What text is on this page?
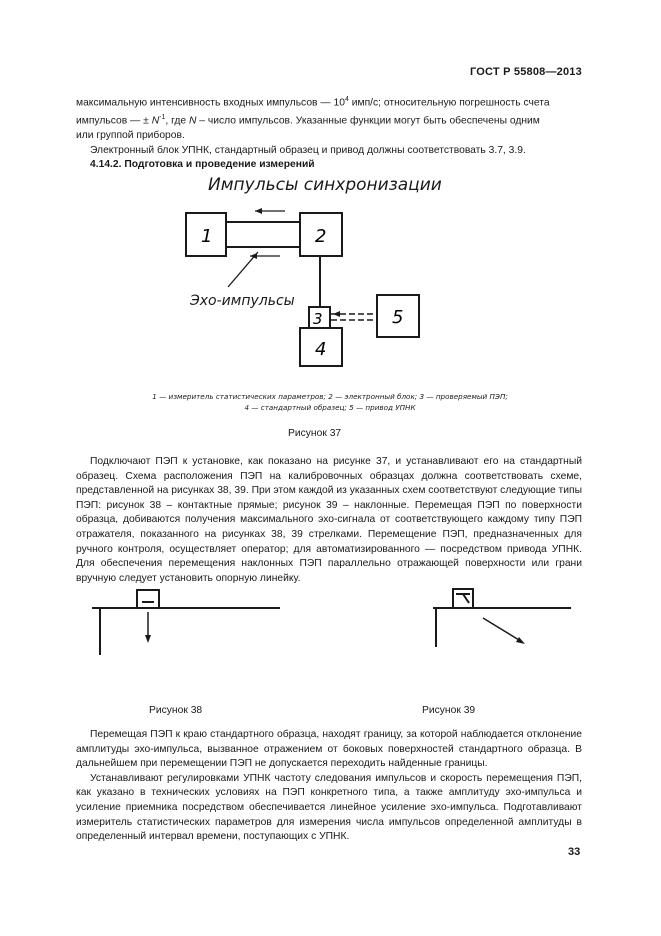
ГОСТ Р 55808—2013

максимальную интенсивность входных импульсов — $10^4$ имп/с; относительную погрешность счета

импульсов — ± $N^{-1}$, где N – число импульсов. Указанные функции могут быть обеспечены одним

или группой приборов.

Электронный блок УПНК, стандартный образец и привод должны соответствовать 3.7, 3.9.

4.14.2. Подготовка и проведение измерений

Импульсы синхронизации
1	2
Эхо-импульсы
3
4
5
1 — измеритель статистических параметров; 2 — электронный блок; 3 — проверяемый ПЭП;
4 — стандартный образец; 5 — привод УПНК
Рисунок 37

Подключают ПЭП к установке, как показано на рисунке 37, и устанавливают его на стандартный образец. Схема расположения ПЭП на калибровочных образцах должна соответствовать схеме, представленной на рисунках 38, 39. При этом каждой из указанных схем соответствуют следующие типы ПЭП: рисунок 38 – контактные прямые; рисунок 39 – наклонные. Перемещая ПЭП по поверхности образца, добиваются получения максимального эхо-сигнала от соответствующего каждому типу ПЭП отражателя, показанного на рисунках 38, 39 стрелками. Перемещение ПЭП, предназначенных для ручного контроля, осуществляет оператор; для автоматизированного — посредством привода УПНК. Для обеспечения перемещения наклонных ПЭП параллельно отражающей поверхности или грани вручную следует установить опорную линейку.

Рисунок 38	Рисунок 39

Перемещая ПЭП к краю стандартного образца, находят границу, за которой наблюдается отклонение амплитуды эхо-импульса, вызванное отражением от боковых поверхностей стандартного образца. В дальнейшем при перемещении ПЭП не допускается переходить найденные границы.

Устанавливают регулировками УПНК частоту следования импульсов и скорость перемещения ПЭП, как указано в технических условиях на ПЭП конкретного типа, а также амплитуду эхо-импульса и усиление приемника посредством обеспечивается линейное усиление эхо-импульса. Подготавливают измеритель статистических параметров для измерения числа импульсов определенной амплитуды в определенный интервал времени, поступающих с УПНК.

33
